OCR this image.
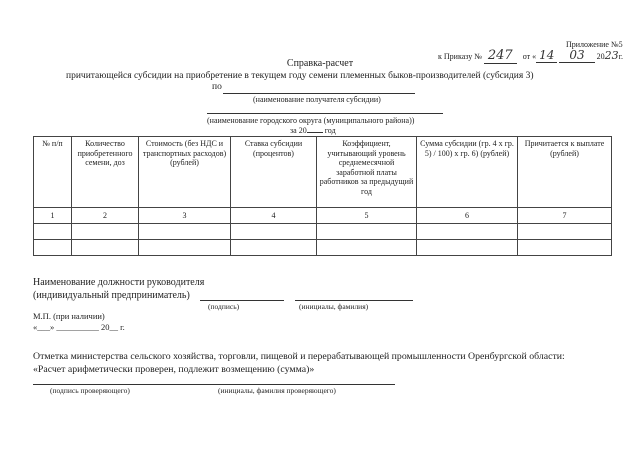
Приложение №5
к Приказу № 247 от « 14 03 2023г.
Справка-расчет
причитающейся субсидии на приобретение в текущем году семени племенных быков-производителей (субсидия 3)
по
(наименование получателя субсидии)
(наименование городского округа (муниципального района))
за 20 год
№ п/п	Количество приобретенного семени, доз	Стоимость (без НДС и транспортных расходов) (рублей)	Ставка субсидии (процентов)	Коэффициент, учитывающий уровень среднемесячной заработной платы работников за предыдущий год	Сумма субсидии (гр. 4 x гр. 5) / 100) x гр. 6) (рублей)	Причитается к выплате (рублей)
1	2	3	4	5	6	7

Наименование должности руководителя
(индивидуальный предприниматель)
(подпись)	(инициалы, фамилия)
М.П. (при наличии)
«___» __________ 20__ г.
Отметка министерства сельского хозяйства, торговли, пищевой и перерабатывающей промышленности Оренбургской области:
«Расчет арифметически проверен, подлежит возмещению (сумма)»
(подпись проверяющего)	(инициалы, фамилия проверяющего)
